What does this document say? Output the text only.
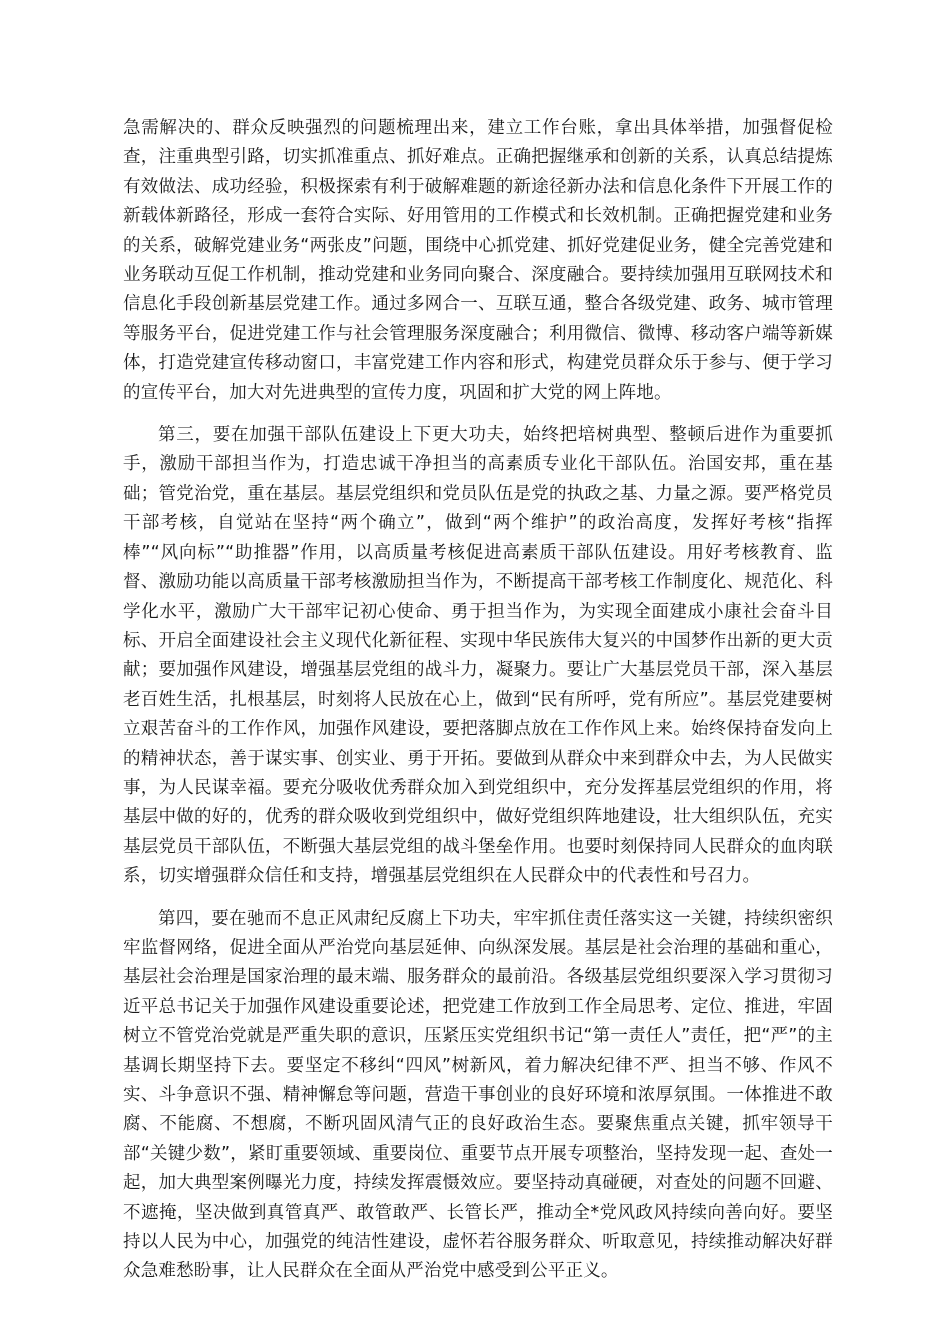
急需解决的、群众反映强烈的问题梳理出来，建立工作台账，拿出具体举措，加强督促检查，注重典型引路，切实抓准重点、抓好难点。正确把握继承和创新的关系，认真总结提炼有效做法、成功经验，积极探索有利于破解难题的新途径新办法和信息化条件下开展工作的新载体新路径，形成一套符合实际、好用管用的工作模式和长效机制。正确把握党建和业务的关系，破解党建业务“两张皮”问题，围绕中心抓党建、抓好党建促业务，健全完善党建和业务联动互促工作机制，推动党建和业务同向聚合、深度融合。要持续加强用互联网技术和信息化手段创新基层党建工作。通过多网合一、互联互通，整合各级党建、政务、城市管理等服务平台，促进党建工作与社会管理服务深度融合；利用微信、微博、移动客户端等新媒体，打造党建宣传移动窗口，丰富党建工作内容和形式，构建党员群众乐于参与、便于学习的宣传平台，加大对先进典型的宣传力度，巩固和扩大党的网上阵地。

第三，要在加强干部队伍建设上下更大功夫，始终把培树典型、整顿后进作为重要抓手，激励干部担当作为，打造忠诚干净担当的高素质专业化干部队伍。治国安邦，重在基础；管党治党，重在基层。基层党组织和党员队伍是党的执政之基、力量之源。要严格党员干部考核，自觉站在坚持“两个确立”，做到“两个维护”的政治高度，发挥好考核“指挥棒”“风向标”“助推器”作用，以高质量考核促进高素质干部队伍建设。用好考核教育、监督、激励功能以高质量干部考核激励担当作为，不断提高干部考核工作制度化、规范化、科学化水平，激励广大干部牢记初心使命、勇于担当作为，为实现全面建成小康社会奋斗目标、开启全面建设社会主义现代化新征程、实现中华民族伟大复兴的中国梦作出新的更大贡献；要加强作风建设，增强基层党组的战斗力，凝聚力。要让广大基层党员干部，深入基层老百姓生活，扎根基层，时刻将人民放在心上，做到“民有所呼，党有所应”。基层党建要树立艰苦奋斗的工作作风，加强作风建设，要把落脚点放在工作作风上来。始终保持奋发向上的精神状态，善于谋实事、创实业、勇于开拓。要做到从群众中来到群众中去，为人民做实事，为人民谋幸福。要充分吸收优秀群众加入到党组织中，充分发挥基层党组织的作用，将基层中做的好的，优秀的群众吸收到党组织中，做好党组织阵地建设，壮大组织队伍，充实基层党员干部队伍，不断强大基层党组的战斗堡垒作用。也要时刻保持同人民群众的血肉联系，切实增强群众信任和支持，增强基层党组织在人民群众中的代表性和号召力。

第四，要在驰而不息正风肃纪反腐上下功夫，牢牢抓住责任落实这一关键，持续织密织牢监督网络，促进全面从严治党向基层延伸、向纵深发展。基层是社会治理的基础和重心，基层社会治理是国家治理的最末端、服务群众的最前沿。各级基层党组织要深入学习贯彻习近平总书记关于加强作风建设重要论述，把党建工作放到工作全局思考、定位、推进，牢固树立不管党治党就是严重失职的意识，压紧压实党组织书记“第一责任人”责任，把“严”的主基调长期坚持下去。要坚定不移纠“四风”树新风，着力解决纪律不严、担当不够、作风不实、斗争意识不强、精神懈怠等问题，营造干事创业的良好环境和浓厚氛围。一体推进不敢腐、不能腐、不想腐，不断巩固风清气正的良好政治生态。要聚焦重点关键，抓牢领导干部“关键少数”，紧盯重要领域、重要岗位、重要节点开展专项整治，坚持发现一起、查处一起，加大典型案例曝光力度，持续发挥震慑效应。要坚持动真碰硬，对查处的问题不回避、不遮掩，坚决做到真管真严、敢管敢严、长管长严，推动全*党风政风持续向善向好。要坚持以人民为中心，加强党的纯洁性建设，虚怀若谷服务群众、听取意见，持续推动解决好群众急难愁盼事，让人民群众在全面从严治党中感受到公平正义。
